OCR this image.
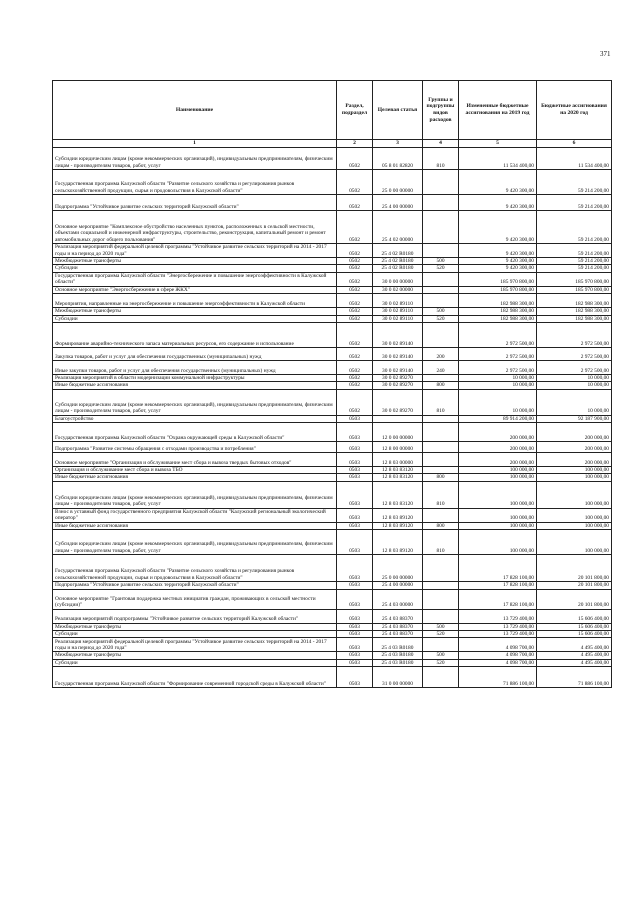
371
Наименование	Раздел, подраздел	Целевая статья	Группы и подгруппы видов расходов	Измененные бюджетные ассигнования на 2019 год	Бюджетные ассигнования на 2020 год
1	2	3	4	5	6
Субсидии юридическим лицам (кроме некоммерческих организаций), индивидуальным предпринимателям, физическим лицам - производителям товаров, работ, услуг	0502	05 8 01 82820	810	11 534 400,00	11 534 400,00
Государственная программа Калужской области "Развитие сельского хозяйства и регулирования рынков сельскохозяйственной продукции, сырья и продовольствия в Калужской области"	0502	25 0 00 00000		9 420 300,00	59 214 200,00
Подпрограмма "Устойчивое развитие сельских территорий Калужской области"	0502	25 4 00 00000		9 420 300,00	59 214 200,00
Основное мероприятие "Комплексное обустройство населенных пунктов, расположенных в сельской местности, объектами социальной и инженерной инфраструктуры, строительство, реконструкция, капитальный ремонт и ремонт автомобильных дорог общего пользования"	0502	25 4 02 00000		9 420 300,00	59 214 200,00
Реализация мероприятий федеральной целевой программы "Устойчивое развитие сельских территорий на 2014 - 2017 годы и на период до 2020 года"	0502	25 4 02 R0180		9 420 300,00	59 214 200,00
Межбюджетные трансферты	0502	25 4 02 R0180	500	9 420 300,00	59 214 200,00
Субсидии	0502	25 4 02 R0180	520	9 420 300,00	59 214 200,00
Государственная программа Калужской области "Энергосбережение и повышение энергоэффективности в Калужской области"	0502	30 0 00 00000		185 970 800,00	185 970 800,00
Основное мероприятие "Энергосбережение в сфере ЖКХ"	0502	30 0 02 00000		185 970 800,00	185 970 800,00
Мероприятия, направленные на энергосбережение и повышение энергоэффективности в Калужской области	0502	30 0 02 89110		182 988 300,00	182 988 300,00
Межбюджетные трансферты	0502	30 0 02 89110	500	182 988 300,00	182 988 300,00
Субсидии	0502	30 0 02 89110	520	182 988 300,00	182 988 300,00
Формирование аварийно-технического запаса материальных ресурсов, его содержание и использование	0502	30 0 02 89140		2 972 500,00	2 972 500,00
Закупка товаров, работ и услуг для обеспечения государственных (муниципальных) нужд	0502	30 0 02 89140	200	2 972 500,00	2 972 500,00
Иные закупки товаров, работ и услуг для обеспечения государственных (муниципальных) нужд	0502	30 0 02 89140	240	2 972 500,00	2 972 500,00
Реализация мероприятий в области модернизации коммунальной инфраструктуры	0502	30 0 02 89270		10 000,00	10 000,00
Иные бюджетные ассигнования	0502	30 0 02 89270	800	10 000,00	10 000,00
Субсидии юридическим лицам (кроме некоммерческих организаций), индивидуальным предпринимателям, физическим лицам - производителям товаров, работ, услуг	0502	30 0 02 89270	810	10 000,00	10 000,00
Благоустройство	0503			89 914 200,00	92 187 900,00
Государственная программа Калужской области "Охрана окружающей среды в Калужской области"	0503	12 0 00 00000		200 000,00	200 000,00
Подпрограмма "Развитие системы обращения с отходами производства и потребления"	0503	12 8 00 00000		200 000,00	200 000,00
Основное мероприятие "Организация и обслуживание мест сбора и вывоза твердых бытовых отходов"	0503	12 8 03 00000		200 000,00	200 000,00
Организация и обслуживание мест сбора и вывоза ТБО	0503	12 8 03 83120		100 000,00	100 000,00
Иные бюджетные ассигнования	0503	12 8 03 83120	800	100 000,00	100 000,00
Субсидии юридическим лицам (кроме некоммерческих организаций), индивидуальным предпринимателям, физическим лицам - производителям товаров, работ, услуг	0503	12 8 03 83120	810	100 000,00	100 000,00
Взнос в уставный фонд государственного предприятия Калужской области "Калужский региональный экологический оператор"	0503	12 8 03 89120		100 000,00	100 000,00
Иные бюджетные ассигнования	0503	12 8 03 89120	800	100 000,00	100 000,00
Субсидии юридическим лицам (кроме некоммерческих организаций), индивидуальным предпринимателям, физическим лицам - производителям товаров, работ, услуг	0503	12 8 03 89120	810	100 000,00	100 000,00
Государственная программа Калужской области "Развитие сельского хозяйства и регулирования рынков сельскохозяйственной продукции, сырья и продовольствия в Калужской области"	0503	25 0 00 00000		17 828 100,00	20 101 800,00
Подпрограмма "Устойчивое развитие сельских территорий Калужской области"	0503	25 4 00 00000		17 828 100,00	20 101 800,00
Основное мероприятие "Грантовая поддержка местных инициатив граждан, проживающих в сельской местности (субсидии)"	0503	25 4 03 00000		17 828 100,00	20 101 800,00
Реализация мероприятий подпрограммы "Устойчивое развитие сельских территорий Калужской области"	0503	25 4 03 88370		13 729 400,00	15 606 400,00
Межбюджетные трансферты	0503	25 4 03 88370	500	13 729 400,00	15 606 400,00
Субсидии	0503	25 4 03 88370	520	13 729 400,00	15 606 400,00
Реализация мероприятий федеральной целевой программы "Устойчивое развитие сельских территорий на 2014 - 2017 годы и на период до 2020 года"	0503	25 4 03 R0180		4 098 700,00	4 495 400,00
Межбюджетные трансферты	0503	25 4 03 R0180	500	4 098 700,00	4 495 400,00
Субсидии	0503	25 4 03 R0180	520	4 098 700,00	4 495 400,00
Государственная программа Калужской области "Формирование современной городской среды в Калужской области"	0503	31 0 00 00000		71 886 100,00	71 886 100,00
